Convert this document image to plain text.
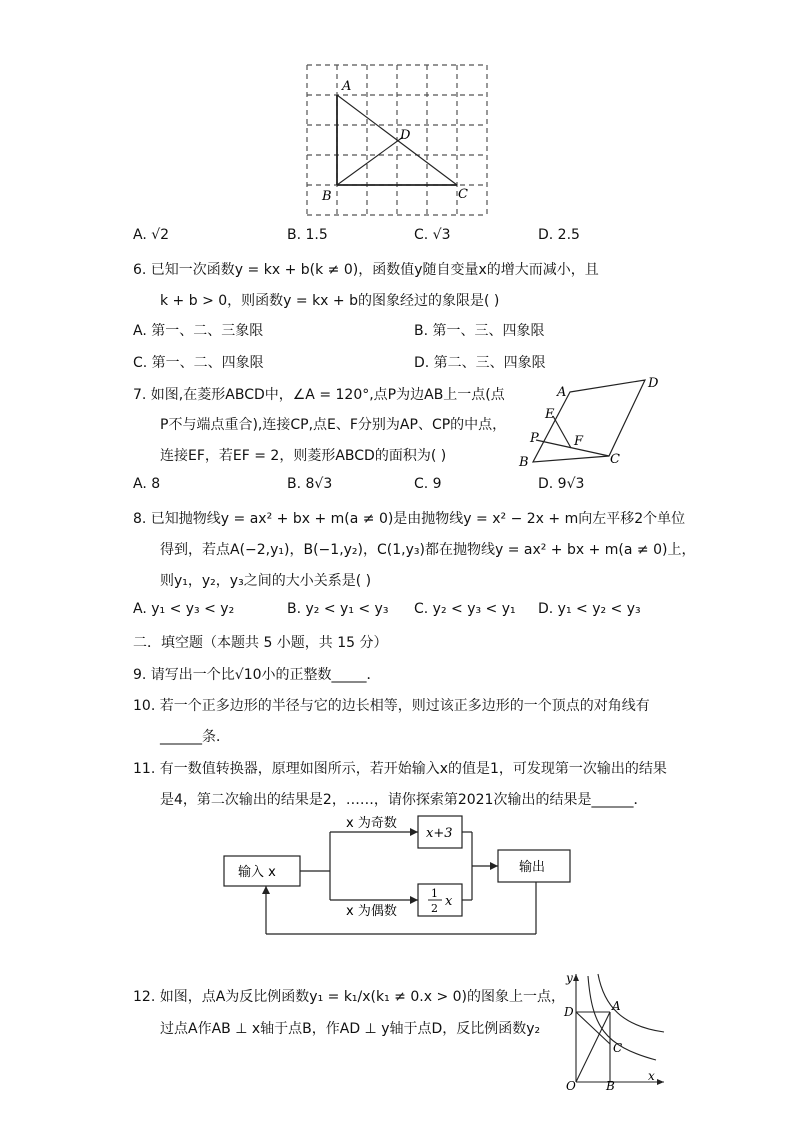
A
B	C
D
A. √2	B. 1.5	C. √3	D. 2.5
6. 已知一次函数y = kx + b(k ≠ 0)，函数值y随自变量x的增大而减小，且
k + b > 0，则函数y = kx + b的图象经过的象限是( )
A. 第一、二、三象限	B. 第一、三、四象限
C. 第一、二、四象限	D. 第二、三、四象限
7. 如图,在菱形ABCD中，∠A = 120°,点P为边AB上一点(点
P不与端点重合),连接CP,点E、F分别为AP、CP的中点，
连接EF，若EF = 2，则菱形ABCD的面积为( )
A
D
E
P	F
B	C
A. 8	B. 8√3	C. 9	D. 9√3
8. 已知抛物线y = ax² + bx + m(a ≠ 0)是由抛物线y = x² − 2x + m向左平移2个单位
得到，若点A(−2,y₁)，B(−1,y₂)，C(1,y₃)都在抛物线y = ax² + bx + m(a ≠ 0)上，
则y₁，y₂，y₃之间的大小关系是( )
A. y₁ < y₃ < y₂	B. y₂ < y₁ < y₃ C. y₂ < y₃ < y₁ D. y₁ < y₂ < y₃
二．填空题（本题共 5 小题，共 15 分）
9. 请写出一个比√10小的正整数_____．
10. 若一个正多边形的半径与它的边长相等，则过该正多边形的一个顶点的对角线有
______条．
11. 有一数值转换器，原理如图所示，若开始输入x的值是1，可发现第一次输出的结果
是4，第二次输出的结果是2，……，请你探索第2021次输出的结果是______．
输入 x
x 为奇数
x 为偶数
x+3
1
2 x
输出
12. 如图，点A为反比例函数y₁ = k₁/x(k₁ ≠ 0.x > 0)的图象上一点，
过点A作AB ⊥ x轴于点B，作AD ⊥ y轴于点D，反比例函数y₂
y
x
O
A
B
C
D
